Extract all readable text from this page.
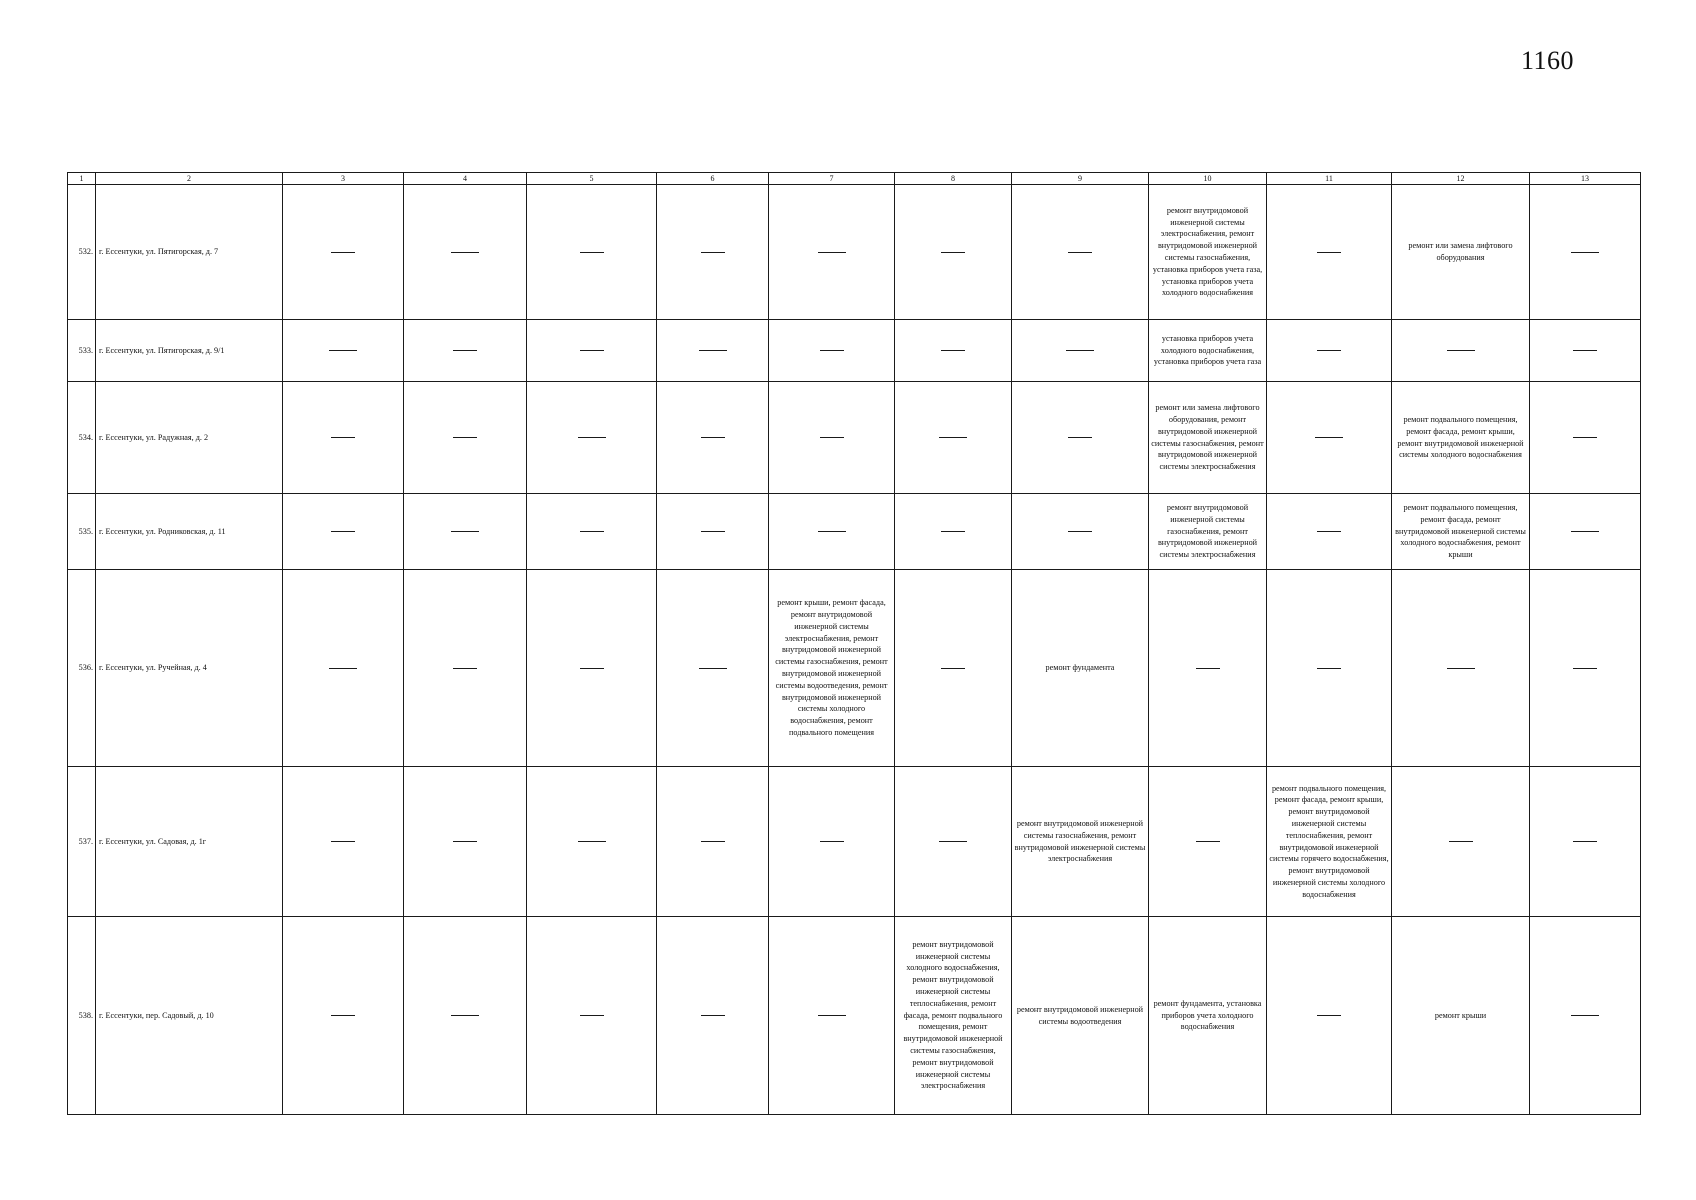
1160
1	2	3	4	5	6	7	8	9	10	11	12	13
532.	г. Ессентуки, ул. Пятигорская, д. 7								ремонт внутридомовой инженерной системы электроснабжения, ремонт внутридомовой инженерной системы газоснабжения, установка приборов учета газа, установка приборов учета холодного водоснабжения		ремонт или замена лифтового оборудования	
533.	г. Ессентуки, ул. Пятигорская, д. 9/1								установка приборов учета холодного водоснабжения, установка приборов учета газа			
534.	г. Ессентуки, ул. Радужная, д. 2								ремонт или замена лифтового оборудования, ремонт внутридомовой инженерной системы газоснабжения, ремонт внутридомовой инженерной системы электроснабжения		ремонт подвального помещения, ремонт фасада, ремонт крыши, ремонт внутридомовой инженерной системы холодного водоснабжения	
535.	г. Ессентуки, ул. Родниковская, д. 11								ремонт внутридомовой инженерной системы газоснабжения, ремонт внутридомовой инженерной системы электроснабжения		ремонт подвального помещения, ремонт фасада, ремонт внутридомовой инженерной системы холодного водоснабжения, ремонт крыши	
536.	г. Ессентуки, ул. Ручейная, д. 4					ремонт крыши, ремонт фасада, ремонт внутридомовой инженерной системы электроснабжения, ремонт внутридомовой инженерной системы газоснабжения, ремонт внутридомовой инженерной системы водоотведения, ремонт внутридомовой инженерной системы холодного водоснабжения, ремонт подвального помещения		ремонт фундамента				
537.	г. Ессентуки, ул. Садовая, д. 1г							ремонт внутридомовой инженерной системы газоснабжения, ремонт внутридомовой инженерной системы электроснабжения		ремонт подвального помещения, ремонт фасада, ремонт крыши, ремонт внутридомовой инженерной системы теплоснабжения, ремонт внутридомовой инженерной системы горячего водоснабжения, ремонт внутридомовой инженерной системы холодного водоснабжения		
538.	г. Ессентуки, пер. Садовый, д. 10						ремонт внутридомовой инженерной системы холодного водоснабжения, ремонт внутридомовой инженерной системы теплоснабжения, ремонт фасада, ремонт подвального помещения, ремонт внутридомовой инженерной системы газоснабжения, ремонт внутридомовой инженерной системы электроснабжения	ремонт внутридомовой инженерной системы водоотведения	ремонт фундамента, установка приборов учета холодного водоснабжения		ремонт крыши	
